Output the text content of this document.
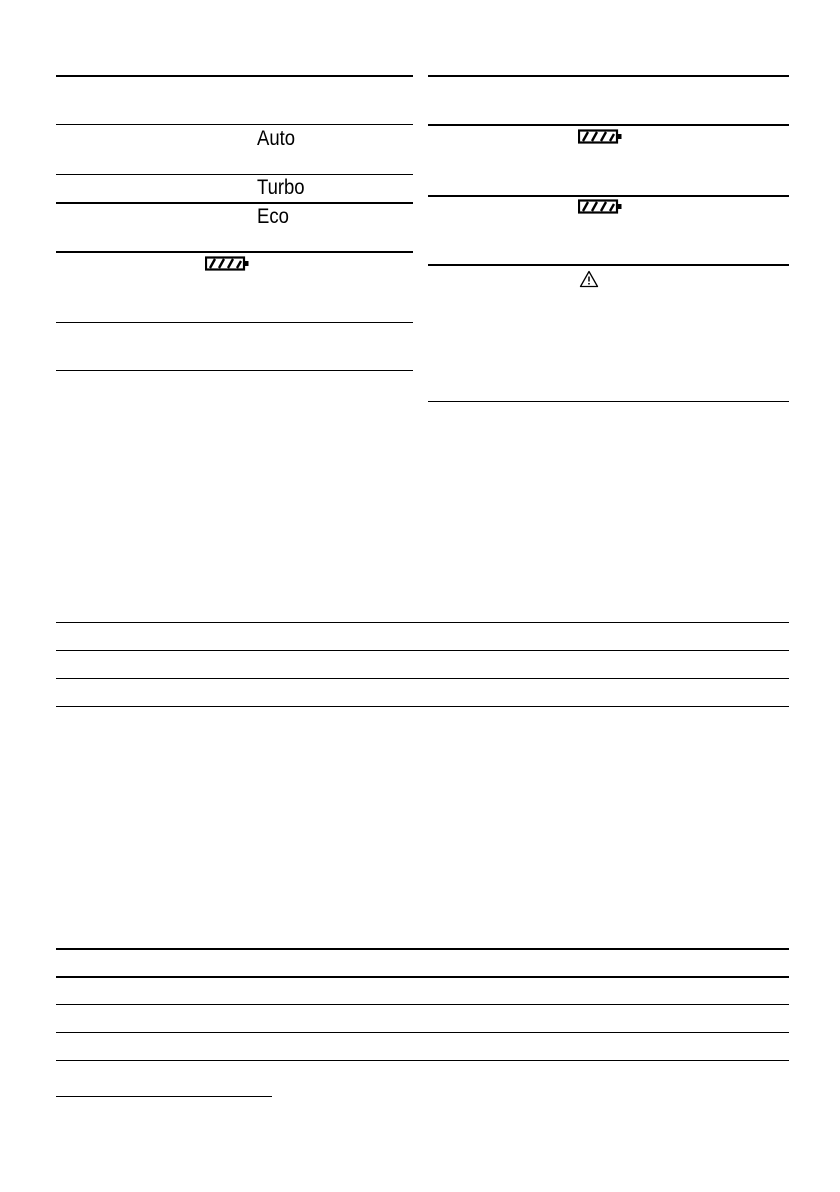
Auto
Turbo
Eco
